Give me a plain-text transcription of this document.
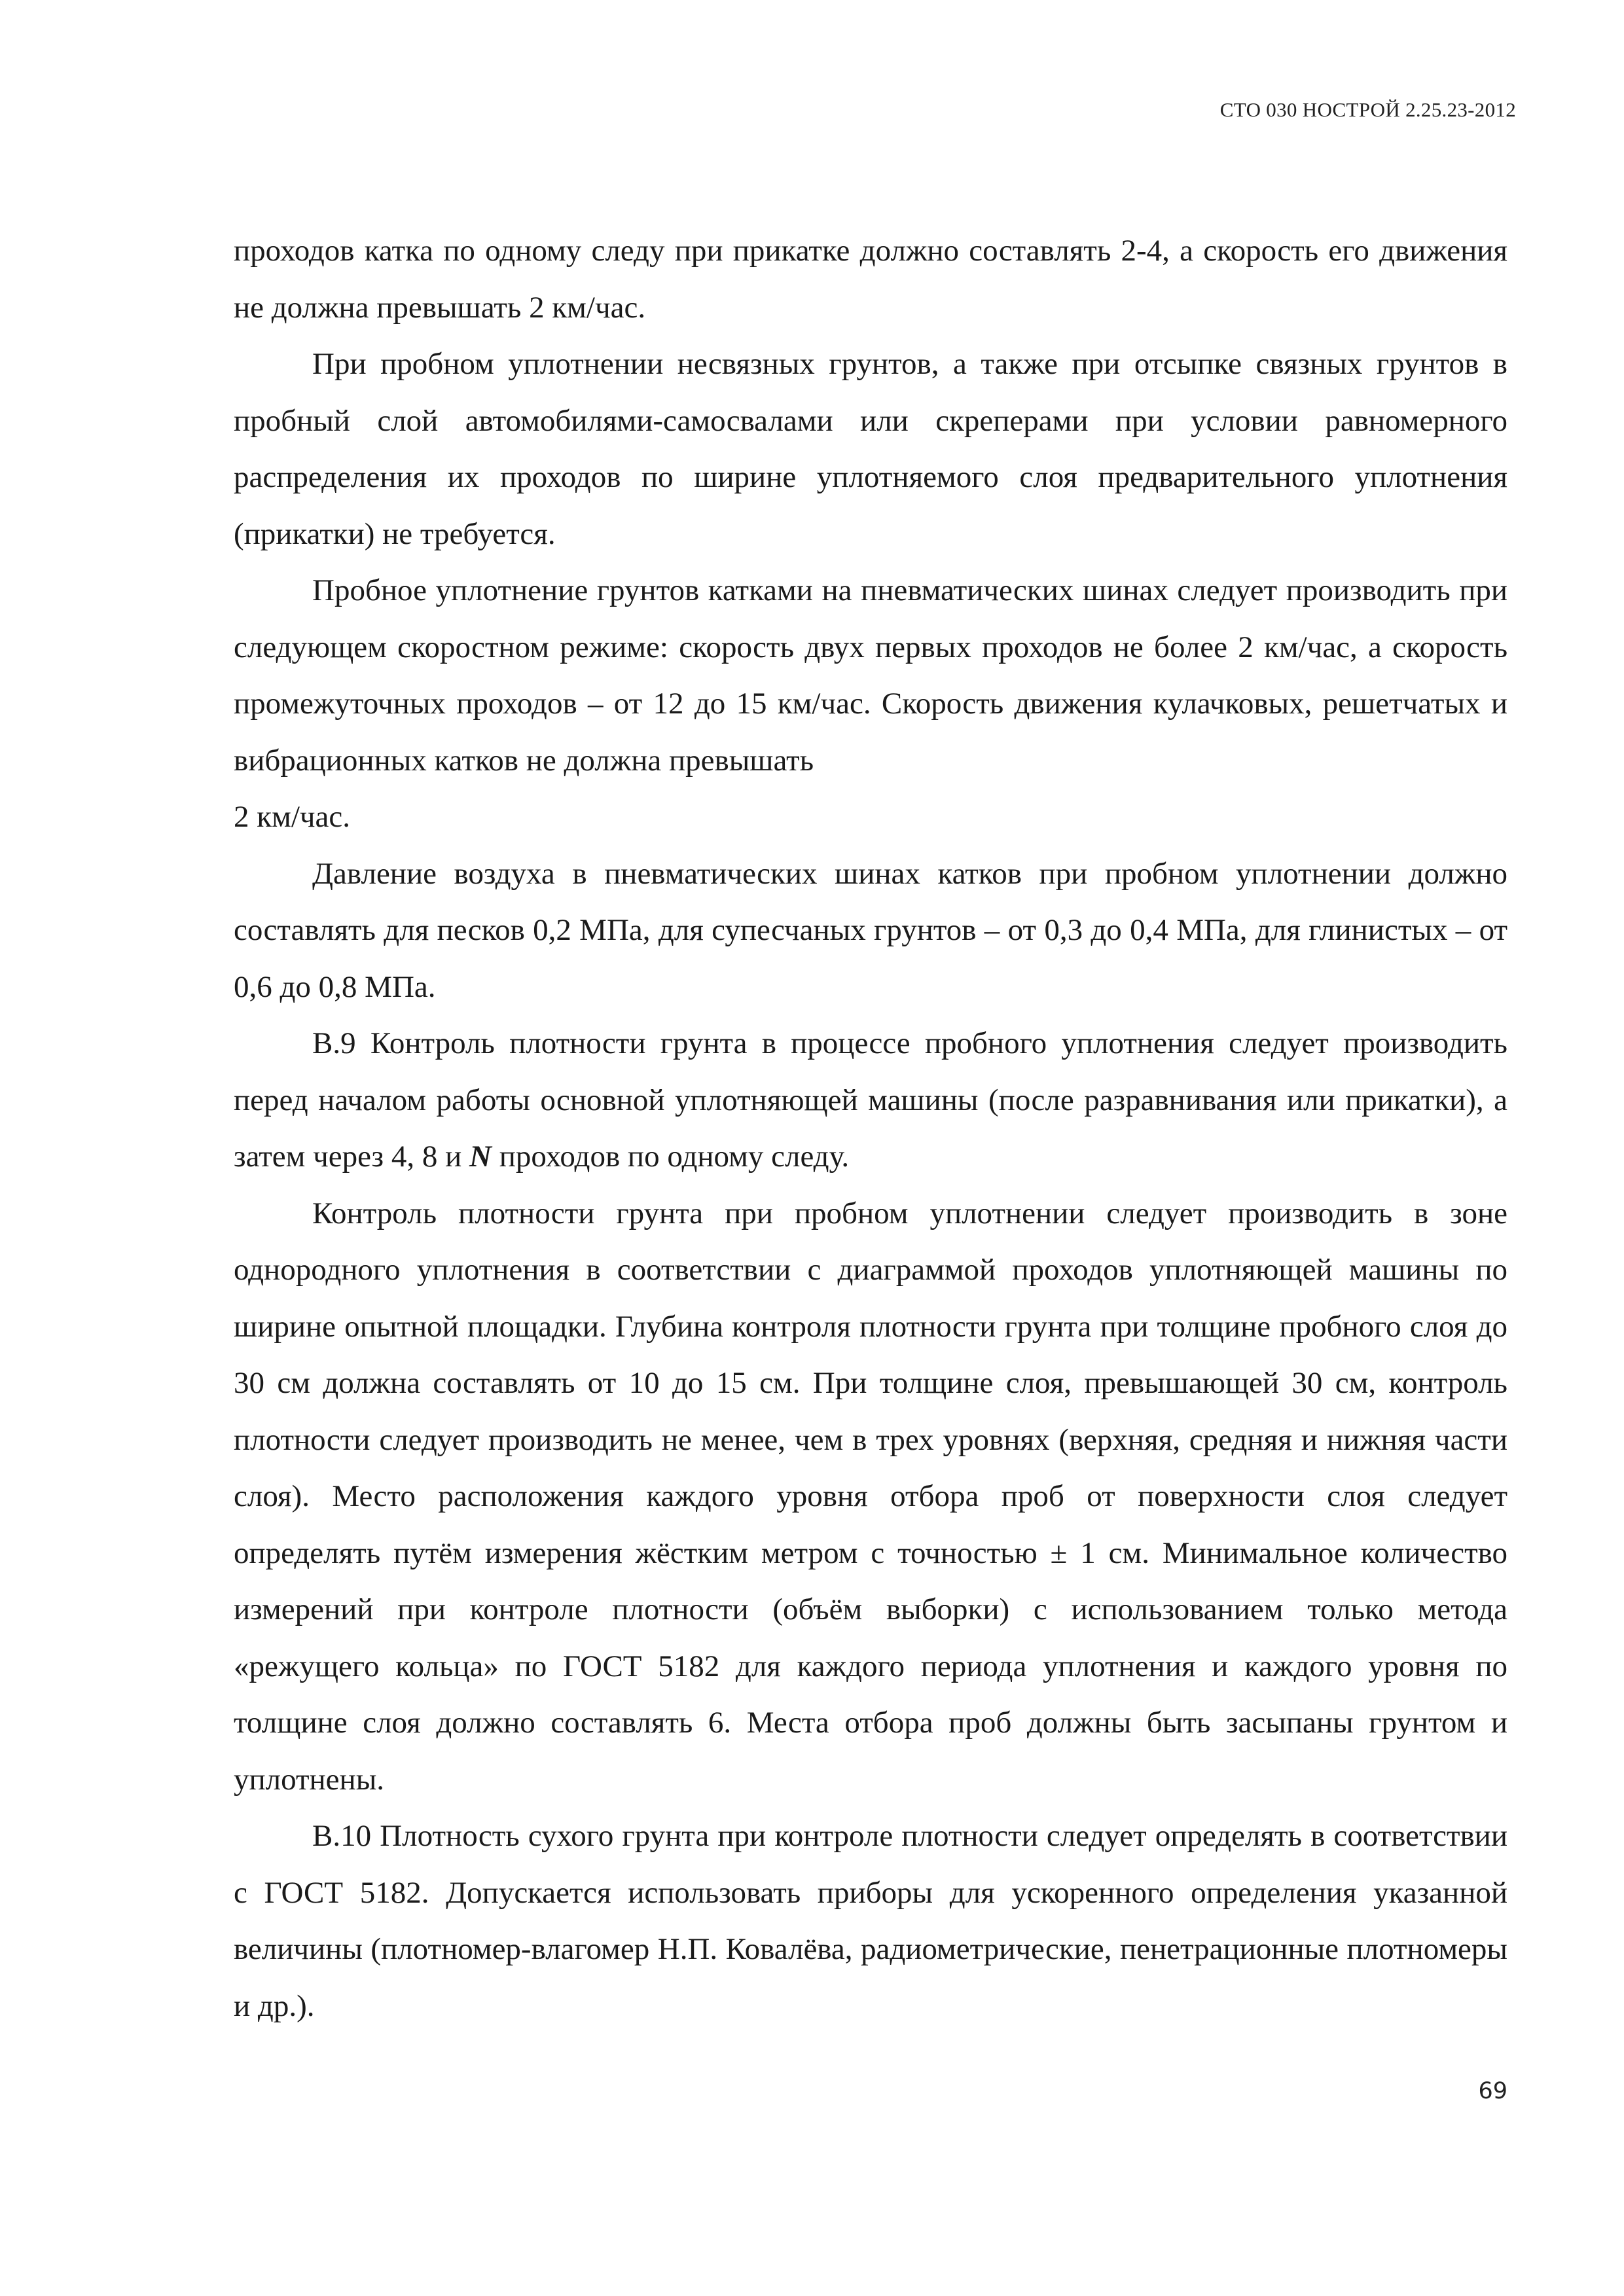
СТО 030 НОСТРОЙ 2.25.23-2012

проходов катка по одному следу при прикатке должно составлять 2-4, а скорость его движения не должна превышать 2 км/час.

При пробном уплотнении несвязных грунтов, а также при отсыпке связных грунтов в пробный слой автомобилями-самосвалами или скреперами при условии равномерного распределения их проходов по ширине уплотняемого слоя предварительного уплотнения (прикатки) не требуется.

Пробное уплотнение грунтов катками на пневматических шинах следует производить при следующем скоростном режиме: скорость двух первых проходов не более 2 км/час, а скорость промежуточных проходов – от 12 до 15 км/час. Скорость движения кулачковых, решетчатых и вибрационных катков не должна превышать

2 км/час.

Давление воздуха в пневматических шинах катков при пробном уплотнении должно составлять для песков 0,2 МПа, для супесчаных грунтов – от 0,3 до 0,4 МПа, для глинистых – от 0,6 до 0,8 МПа.

В.9 Контроль плотности грунта в процессе пробного уплотнения следует производить перед началом работы основной уплотняющей машины (после разравнивания или прикатки), а затем через 4, 8 и N проходов по одному следу.

Контроль плотности грунта при пробном уплотнении следует производить в зоне однородного уплотнения в соответствии с диаграммой проходов уплотняющей машины по ширине опытной площадки. Глубина контроля плотности грунта при толщине пробного слоя до 30 см должна составлять от 10 до 15 см. При толщине слоя, превышающей 30 см, контроль плотности следует производить не менее, чем в трех уровнях (верхняя, средняя и нижняя части слоя). Место расположения каждого уровня отбора проб от поверхности слоя следует определять путём измерения жёстким метром с точностью ± 1 см. Минимальное количество измерений при контроле плотности (объём выборки) с использованием только метода «режущего кольца» по ГОСТ 5182 для каждого периода уплотнения и каждого уровня по толщине слоя должно составлять 6. Места отбора проб должны быть засыпаны грунтом и уплотнены.

В.10 Плотность сухого грунта при контроле плотности следует определять в соответствии с ГОСТ 5182. Допускается использовать приборы для ускоренного определения указанной величины (плотномер-влагомер Н.П. Ковалёва, радиометрические, пенетрационные плотномеры и др.).

69
